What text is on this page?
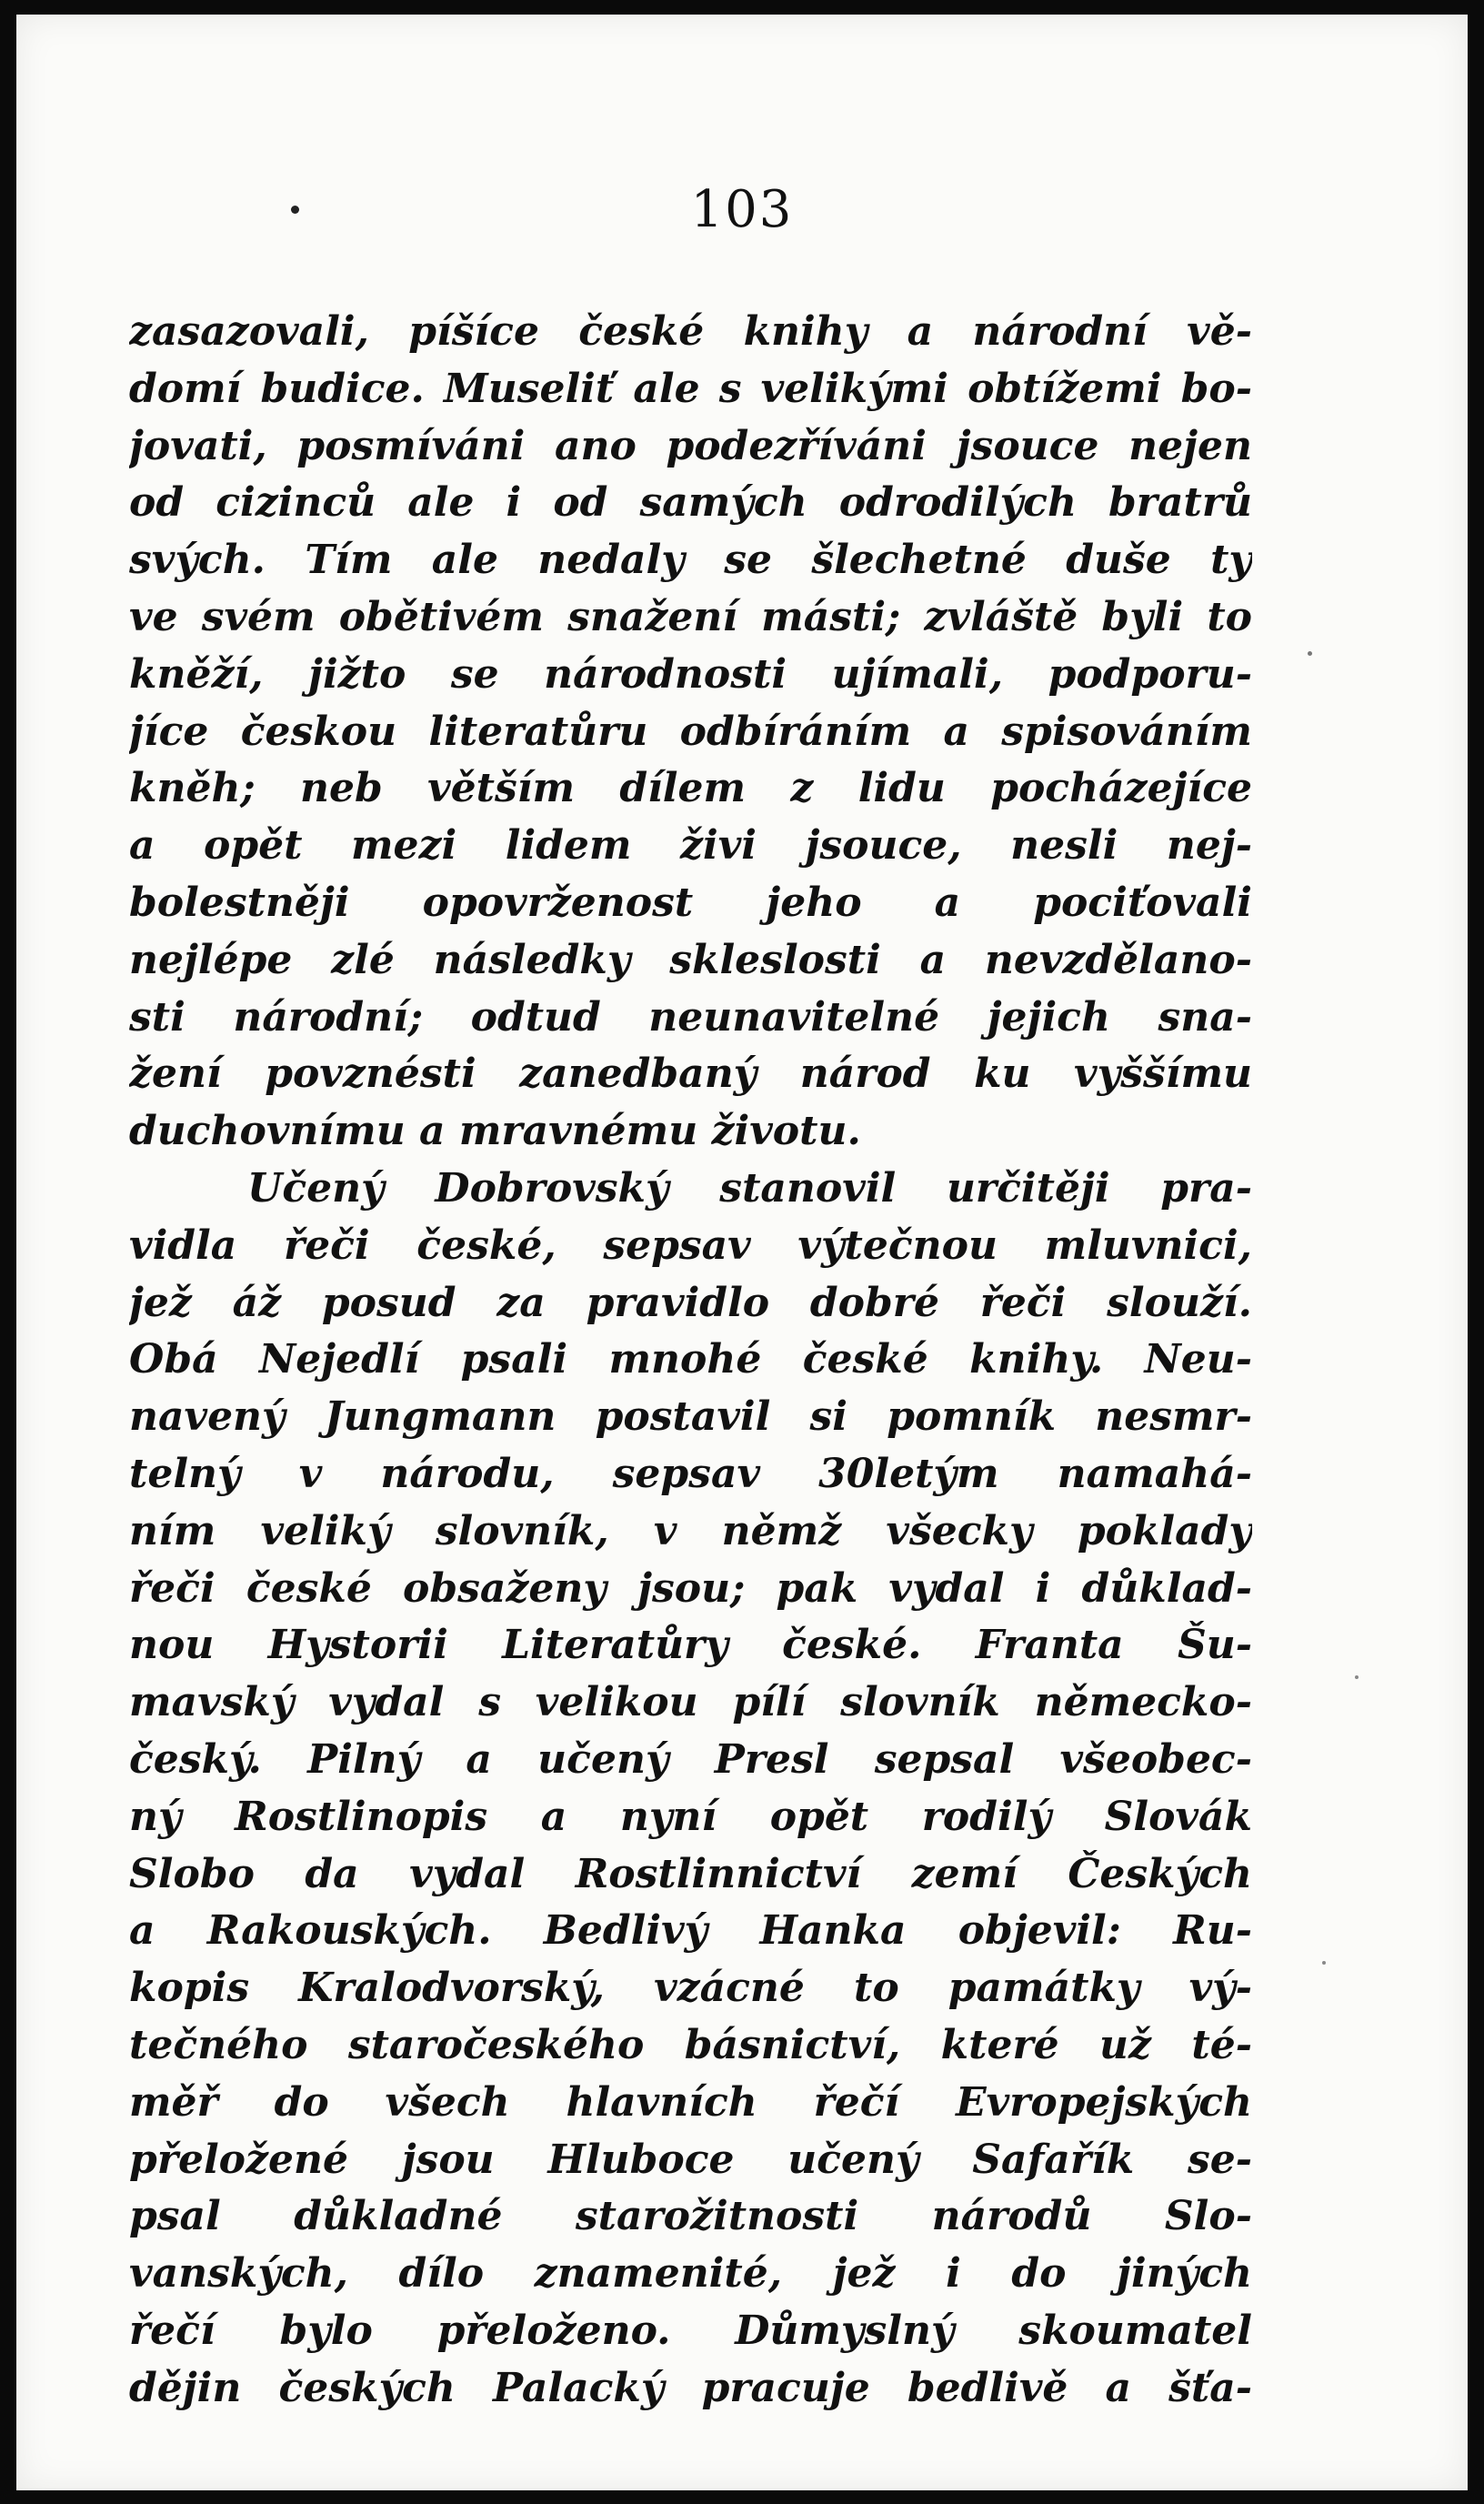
103
zasazovali, píšíce české knihy a národní vě-
domí budice. Museliť ale s velikými obtížemi bo-
jovati, posmíváni ano podezříváni jsouce nejen
od cizinců ale i od samých odrodilých bratrů
svých. Tím ale nedaly se šlechetné duše ty
ve svém obětivém snažení másti; zvláště byli to
kněží, jižto se národnosti ujímali, podporu-
jíce českou literatůru odbíráním a spisováním
kněh; neb větším dílem z lidu pocházejíce
a opět mezi lidem živi jsouce, nesli nej-
bolestněji opovrženost jeho a pociťovali
nejlépe zlé následky skleslosti a nevzdělano-
sti národní; odtud neunavitelné jejich sna-
žení povznésti zanedbaný národ ku vyššímu
duchovnímu a mravnému životu.
Učený Dobrovský stanovil určitěji pra-
vidla řeči české, sepsav výtečnou mluvnici,
jež áž posud za pravidlo dobré řeči slouží.
Obá Nejedlí psali mnohé české knihy. Neu-
navený Jungmann postavil si pomník nesmr-
telný v národu, sepsav 30letým namahá-
ním veliký slovník, v němž všecky poklady
řeči české obsaženy jsou; pak vydal i důklad-
nou Hystorii Literatůry české. Franta Šu-
mavský vydal s velikou pílí slovník německo-
český. Pilný a učený Presl sepsal všeobec-
ný Rostlinopis a nyní opět rodilý Slovák
Slobo da vydal Rostlinnictví zemí Českých
a Rakouských. Bedlivý Hanka objevil: Ru-
kopis Kralodvorský, vzácné to památky vý-
tečného staročeského básnictví, které už té-
měř do všech hlavních řečí Evropejských
přeložené jsou Hluboce učený Safařík se-
psal důkladné starožitnosti národů Slo-
vanských, dílo znamenité, jež i do jiných
řečí bylo přeloženo. Důmyslný skoumatel
dějin českých Palacký pracuje bedlivě a šťa-
